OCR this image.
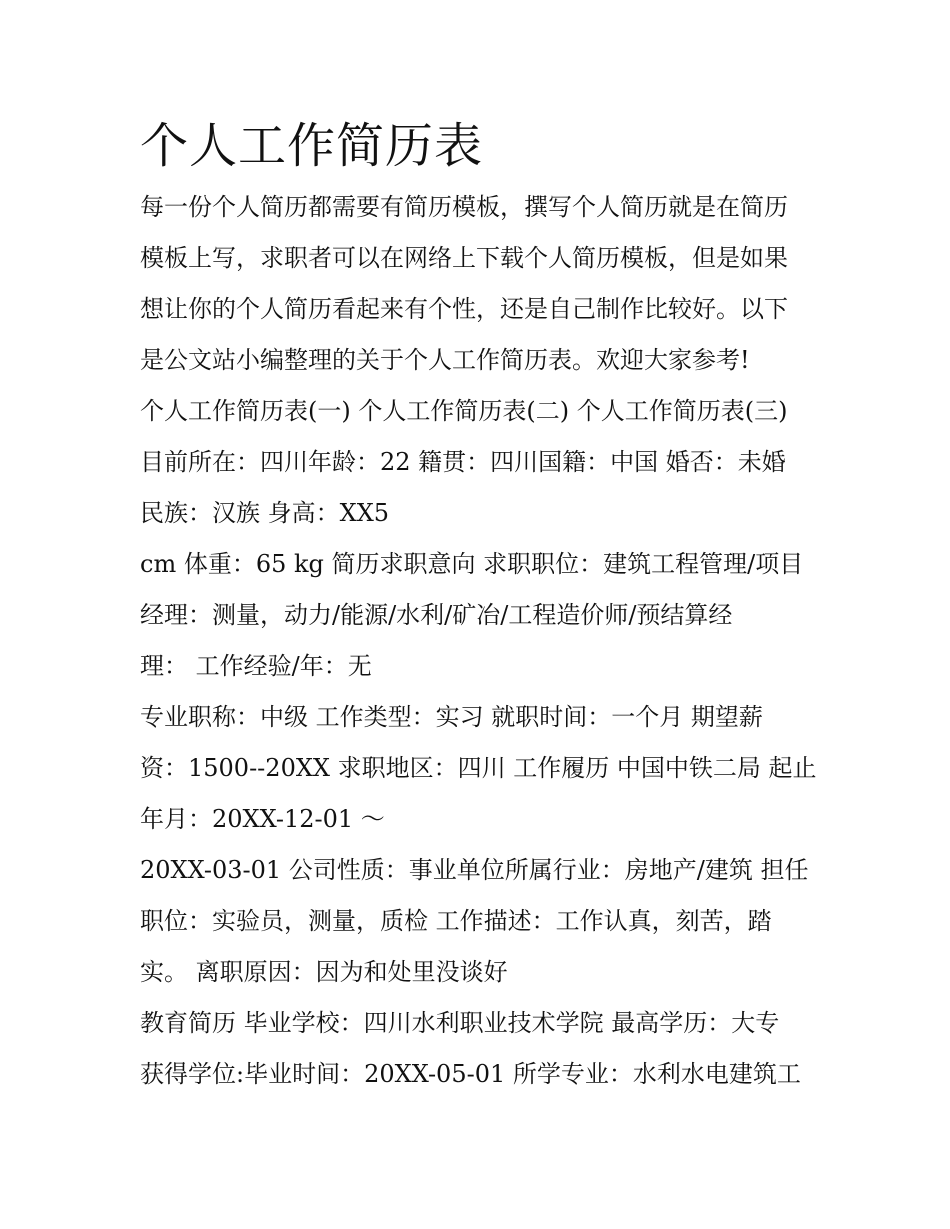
个人工作简历表
每一份个人简历都需要有简历模板，撰写个人简历就是在简历
模板上写，求职者可以在网络上下载个人简历模板，但是如果
想让你的个人简历看起来有个性，还是自己制作比较好。以下
是公文站小编整理的关于个人工作简历表。欢迎大家参考!
个人工作简历表(一) 个人工作简历表(二) 个人工作简历表(三)
目前所在：四川年龄：22 籍贯：四川国籍：中国 婚否：未婚
民族：汉族 身高：XX5
cm 体重：65 kg 简历求职意向 求职职位：建筑工程管理/项目
经理：测量，动力/能源/水利/矿冶/工程造价师/预结算经
理： 工作经验/年：无
专业职称：中级 工作类型：实习 就职时间：一个月 期望薪
资：1500--20XX 求职地区：四川 工作履历 中国中铁二局 起止
年月：20XX-12-01 ～
20XX-03-01 公司性质：事业单位所属行业：房地产/建筑 担任
职位：实验员，测量，质检 工作描述：工作认真，刻苦，踏
实。 离职原因：因为和处里没谈好
教育简历 毕业学校：四川水利职业技术学院 最高学历：大专
获得学位:毕业时间：20XX-05-01 所学专业：水利水电建筑工
